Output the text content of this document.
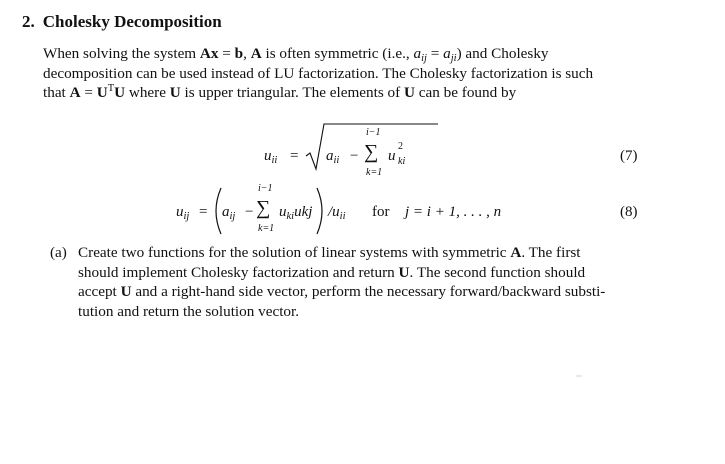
2. Cholesky Decomposition
When solving the system Ax = b, A is often symmetric (i.e., $a_{ij} = a_{ji}$) and Cholesky
decomposition can be used instead of LU factorization. The Cholesky factorization is such
that $A = U^TU$ where U is upper triangular. The elements of U can be found by
$u_{ii} = a_{ii}$ −
i−1
∑
k=1
u
2
ki	(7)
$u_{ij} = a_{ij}$ −
i−1
∑
k=1
$u_{ki}ukj$ $/u_{ii}$ for j = i + 1, . . . , n	(8)
(a) Create two functions for the solution of linear systems with symmetric A. The first
should implement Cholesky factorization and return U. The second function should
accept U and a right-hand side vector, perform the necessary forward/backward substi-
tution and return the solution vector.
